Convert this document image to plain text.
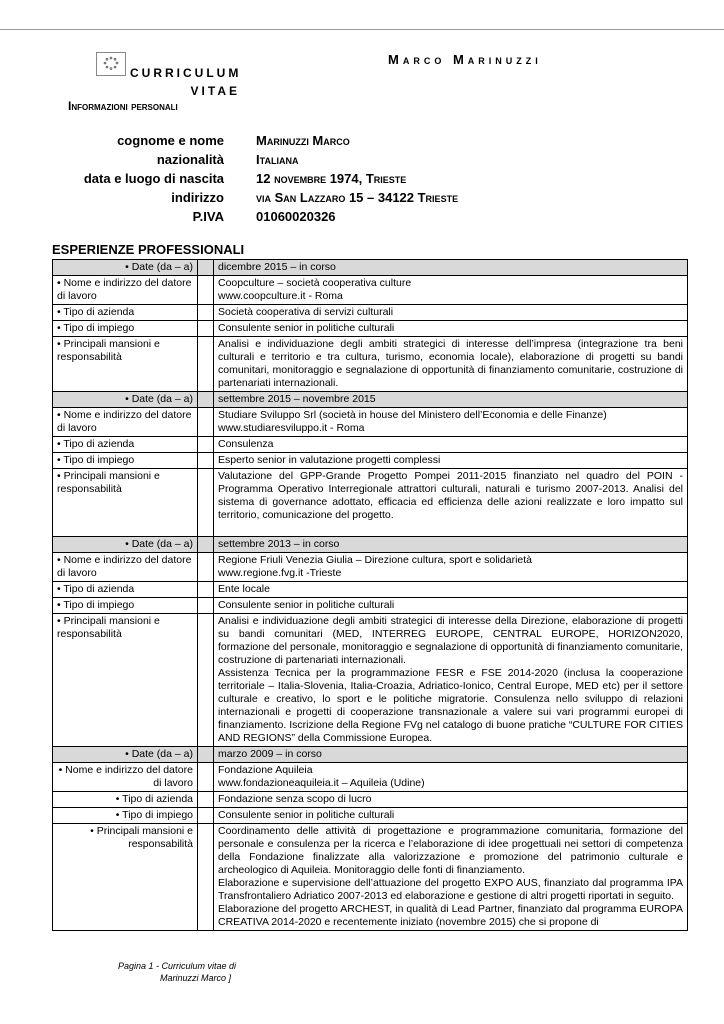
CURRICULUM
VITAE
Informazioni personali
Marco Marinuzzi
cognome e nome	Marinuzzi Marco
nazionalità	Italiana
data e luogo di nascita	12 novembre 1974, Trieste
indirizzo	via San Lazzaro 15 – 34122 Trieste
P.IVA	01060020326
ESPERIENZE PROFESSIONALI
• Date (da – a)		dicembre 2015 – in corso
• Nome e indirizzo del datore di lavoro		Coopculture – società cooperativa culture
www.coopculture.it - Roma

• Tipo di azienda		Società cooperativa di servizi culturali
• Tipo di impiego		Consulente senior in politiche culturali
• Principali mansioni e responsabilità		Analisi e individuazione degli ambiti strategici di interesse dell’impresa (integrazione tra beni culturali e territorio e tra cultura, turismo, economia locale), elaborazione di progetti su bandi comunitari, monitoraggio e segnalazione di opportunità di finanziamento comunitarie, costruzione di partenariati internazionali.
• Date (da – a)		settembre 2015 – novembre 2015
• Nome e indirizzo del datore di lavoro		Studiare Sviluppo Srl (società in house del Ministero dell’Economia e delle Finanze)
www.studiaresviluppo.it - Roma

• Tipo di azienda		Consulenza
• Tipo di impiego		Esperto senior in valutazione progetti complessi
• Principali mansioni e responsabilità		Valutazione del GPP-Grande Progetto Pompei 2011-2015 finanziato nel quadro del POIN - Programma Operativo Interregionale attrattori culturali, naturali e turismo 2007-2013. Analisi del sistema di governance adottato, efficacia ed efficienza delle azioni realizzate e loro impatto sul territorio, comunicazione del progetto.

• Date (da – a)		settembre 2013 – in corso
• Nome e indirizzo del datore di lavoro		Regione Friuli Venezia Giulia – Direzione cultura, sport e solidarietà
www.regione.fvg.it -Trieste

• Tipo di azienda		Ente locale
• Tipo di impiego		Consulente senior in politiche culturali
• Principali mansioni e responsabilità		Analisi e individuazione degli ambiti strategici di interesse della Direzione, elaborazione di progetti su bandi comunitari (MED, INTERREG EUROPE, CENTRAL EUROPE, HORIZON2020, formazione del personale, monitoraggio e segnalazione di opportunità di finanziamento comunitarie, costruzione di partenariati internazionali.
Assistenza Tecnica per la programmazione FESR e FSE 2014-2020 (inclusa la cooperazione territoriale – Italia-Slovenia, Italia-Croazia, Adriatico-Ionico, Central Europe, MED etc) per il settore culturale e creativo, lo sport e le politiche migratorie. Consulenza nello sviluppo di relazioni internazionali e progetti di cooperazione transnazionale a valere sui vari programmi europei di finanziamento. Iscrizione della Regione FVg nel catalogo di buone pratiche “CULTURE FOR CITIES AND REGIONS” della Commissione Europea.

• Date (da – a)		marzo 2009 – in corso
• Nome e indirizzo del datore di lavoro		Fondazione Aquileia
www.fondazioneaquileia.it – Aquileia (Udine)

• Tipo di azienda		Fondazione senza scopo di lucro
• Tipo di impiego		Consulente senior in politiche culturali
• Principali mansioni e responsabilità		Coordinamento delle attività di progettazione e programmazione comunitaria, formazione del personale e consulenza per la ricerca e l’elaborazione di idee progettuali nei settori di competenza della Fondazione finalizzate alla valorizzazione e promozione del patrimonio culturale e archeologico di Aquileia. Monitoraggio delle fonti di finanziamento.
Elaborazione e supervisione dell’attuazione del progetto EXPO AUS, finanziato dal programma IPA Transfrontaliero Adriatico 2007-2013 ed elaborazione e gestione di altri progetti riportati in seguito.
Elaborazione del progetto ARCHEST, in qualità di Lead Partner, finanziato dal programma EUROPA CREATIVA 2014-2020 e recentemente iniziato (novembre 2015) che si propone di
Pagina 1 - Curriculum vitae di
Marinuzzi Marco ]
